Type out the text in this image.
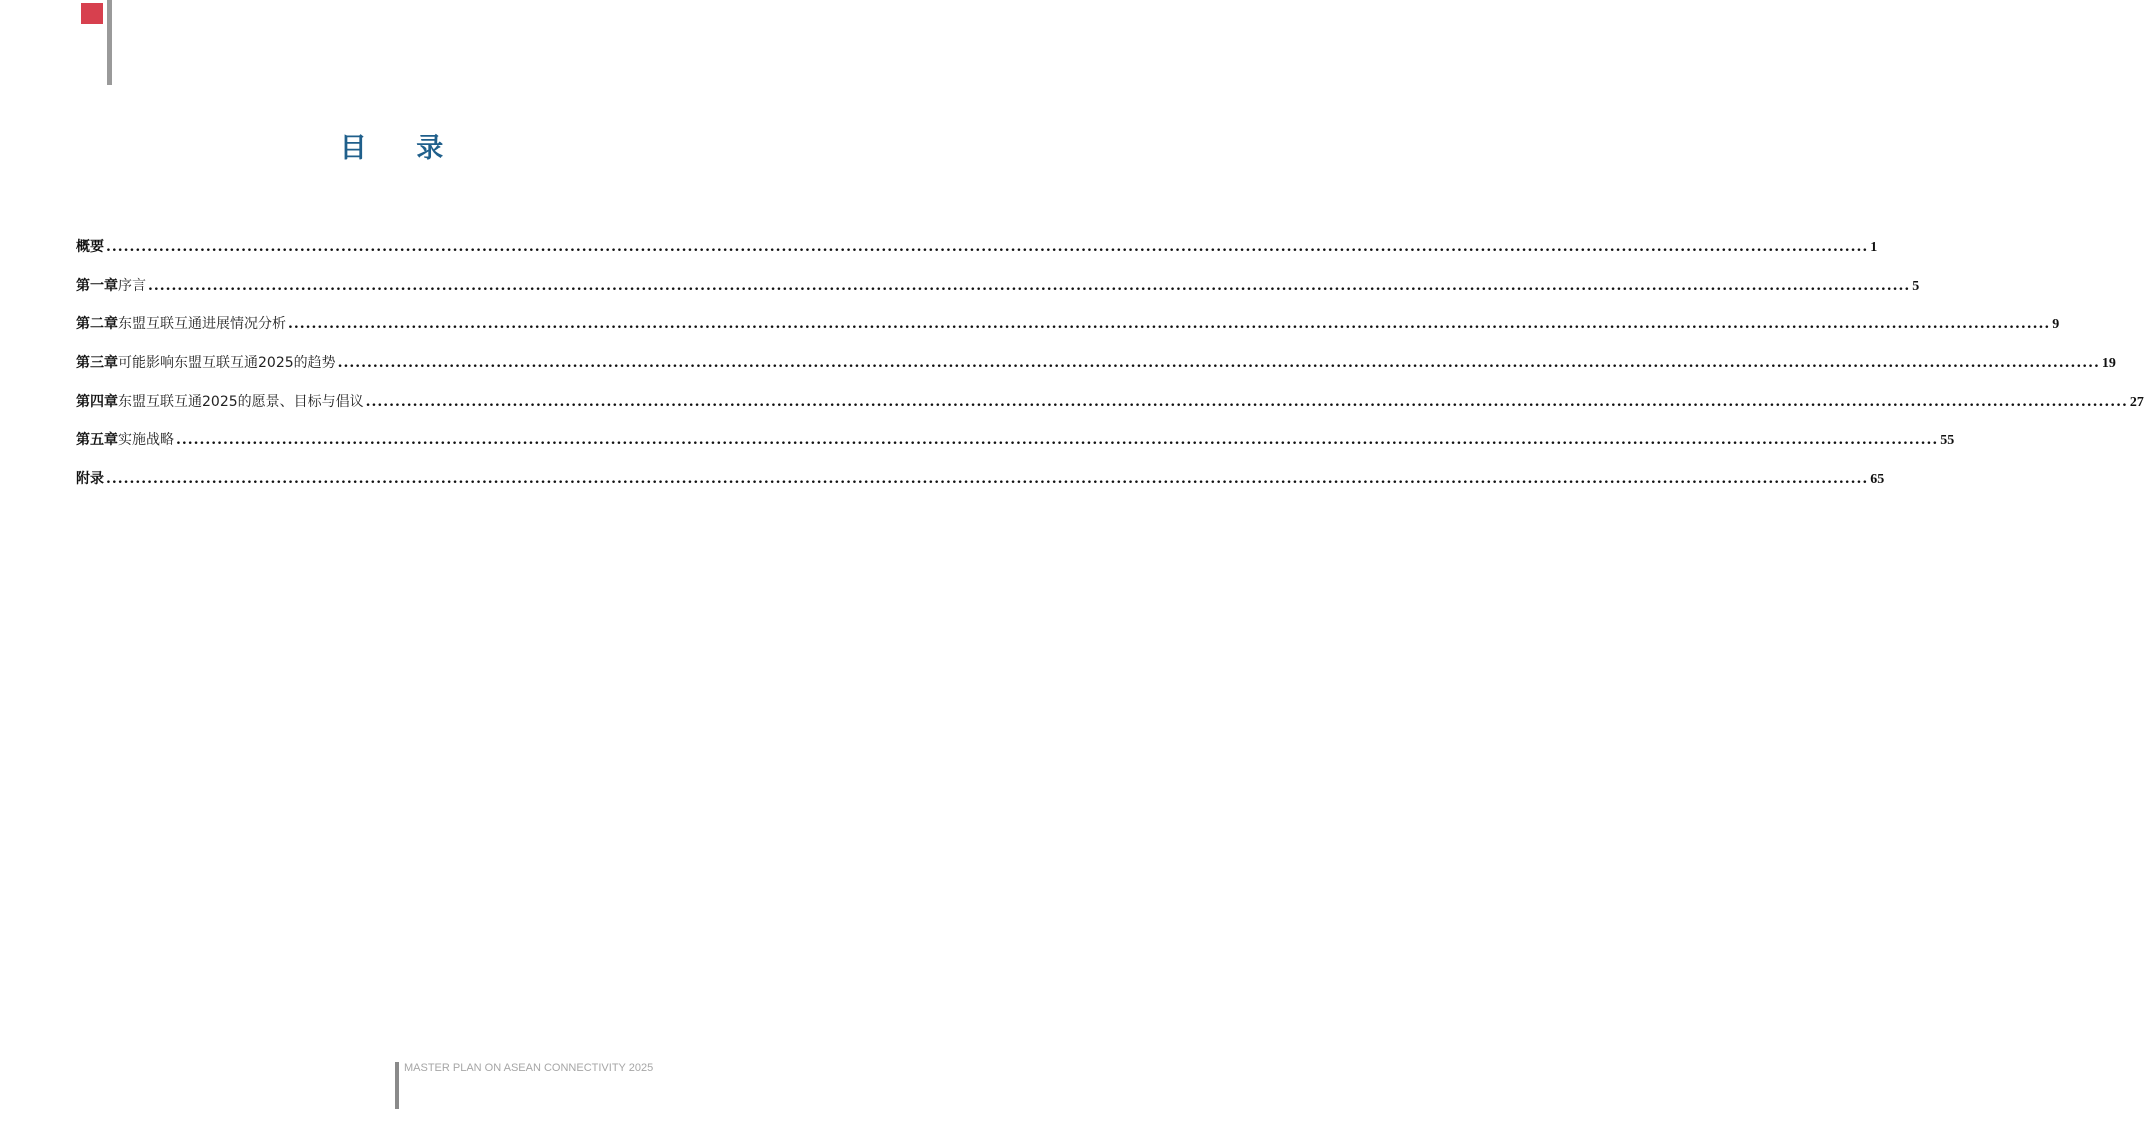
目 录
概要 ............................................................................................................................................................................................................................................................................................................ 1
第一章 序言 ............................................................................................................................................................................................................................................................................................................ 5
第二章 东盟互联互通进展情况分析 ............................................................................................................................................................................................................................................................................................................ 9
第三章 可能影响东盟互联互通2025的趋势 ............................................................................................................................................................................................................................................................................................................ 19
第四章 东盟互联互通2025的愿景、目标与倡议 ............................................................................................................................................................................................................................................................................................................ 27
第五章 实施战略 ............................................................................................................................................................................................................................................................................................................ 55
附录 ............................................................................................................................................................................................................................................................................................................ 65
MASTER PLAN ON ASEAN CONNECTIVITY 2025
